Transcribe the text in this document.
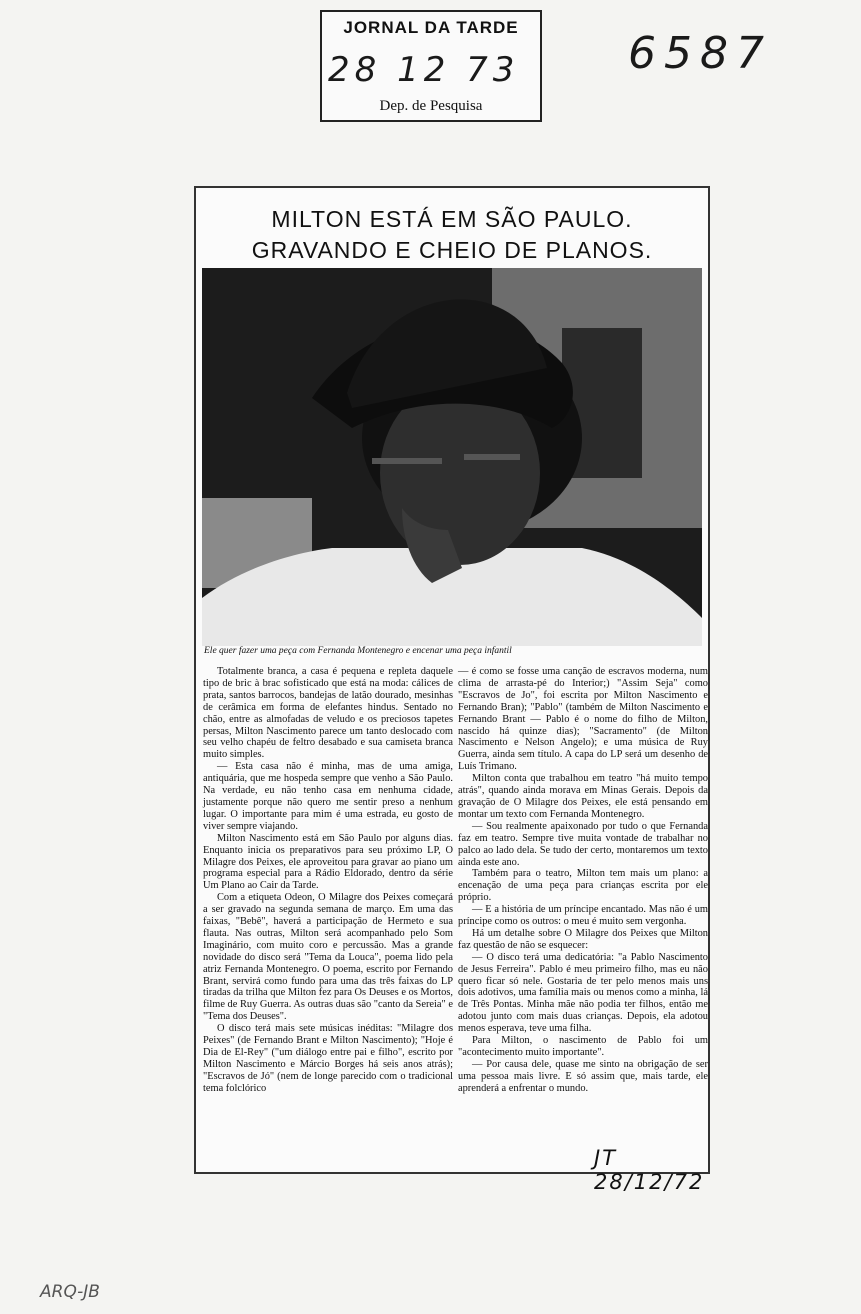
JORNAL DA TARDE
28 12 73
Dep. de Pesquisa
6587
MILTON ESTÁ EM SÃO PAULO.
GRAVANDO E CHEIO DE PLANOS.
Ele quer fazer uma peça com Fernanda Montenegro e encenar uma peça infantil

Totalmente branca, a casa é pequena e repleta daquele tipo de bric à brac sofisticado que está na moda: cálices de prata, santos barrocos, bandejas de latão dourado, mesinhas de cerâmica em forma de elefantes hindus. Sentado no chão, entre as almofadas de veludo e os preciosos tapetes persas, Milton Nascimento parece um tanto deslocado com seu velho chapéu de feltro desabado e sua camiseta branca muito simples.

— Esta casa não é minha, mas de uma amiga, antiquária, que me hospeda sempre que venho a São Paulo. Na verdade, eu não tenho casa em nenhuma cidade, justamente porque não quero me sentir preso a nenhum lugar. O importante para mim é uma estrada, eu gosto de viver sempre viajando.

Milton Nascimento está em São Paulo por alguns dias. Enquanto inicia os preparativos para seu próximo LP, O Milagre dos Peixes, ele aproveitou para gravar ao piano um programa especial para a Rádio Eldorado, dentro da série Um Plano ao Cair da Tarde.

Com a etiqueta Odeon, O Milagre dos Peixes começará a ser gravado na segunda semana de março. Em uma das faixas, "Bebê", haverá a participação de Hermeto e sua flauta. Nas outras, Milton será acompanhado pelo Som Imaginário, com muito coro e percussão. Mas a grande novidade do disco será "Tema da Louca", poema lido pela atriz Fernanda Montenegro. O poema, escrito por Fernando Brant, servirá como fundo para uma das três faixas do LP tiradas da trilha que Milton fez para Os Deuses e os Mortos, filme de Ruy Guerra. As outras duas são "canto da Sereia" e "Tema dos Deuses".

O disco terá mais sete músicas inéditas: "Milagre dos Peixes" (de Fernando Brant e Milton Nascimento); "Hoje é Dia de El-Rey" ("um diálogo entre pai e filho", escrito por Milton Nascimento e Márcio Borges há seis anos atrás); "Escravos de Jó" (nem de longe parecido com o tradicional tema folclórico

— é como se fosse uma canção de escravos moderna, num clima de arrasta-pé do Interior;) "Assim Seja" como "Escravos de Jo", foi escrita por Milton Nascimento e Fernando Bran); "Pablo" (também de Milton Nascimento e Fernando Brant — Pablo é o nome do filho de Milton, nascido há quinze dias); "Sacramento" (de Milton Nascimento e Nelson Angelo); e uma música de Ruy Guerra, ainda sem título. A capa do LP será um desenho de Luís Trimano.

Milton conta que trabalhou em teatro "há muito tempo atrás", quando ainda morava em Minas Gerais. Depois da gravação de O Milagre dos Peixes, ele está pensando em montar um texto com Fernanda Montenegro.

— Sou realmente apaixonado por tudo o que Fernanda faz em teatro. Sempre tive muita vontade de trabalhar no palco ao lado dela. Se tudo der certo, montaremos um texto ainda este ano.

Também para o teatro, Milton tem mais um plano: a encenação de uma peça para crianças escrita por ele próprio.

— E a história de um príncipe encantado. Mas não é um príncipe como os outros: o meu é muito sem vergonha.

Há um detalhe sobre O Milagre dos Peixes que Milton faz questão de não se esquecer:

— O disco terá uma dedicatória: "a Pablo Nascimento de Jesus Ferreira". Pablo é meu primeiro filho, mas eu não quero ficar só nele. Gostaria de ter pelo menos mais uns dois adotivos, uma família mais ou menos como a minha, lá de Três Pontas. Minha mãe não podia ter filhos, então me adotou junto com mais duas crianças. Depois, ela adotou menos esperava, teve uma filha.

Para Milton, o nascimento de Pablo foi um "acontecimento muito importante".

— Por causa dele, quase me sinto na obrigação de ser uma pessoa mais livre. E só assim que, mais tarde, ele aprenderá a enfrentar o mundo.

JT 28/12/72
ARQ-JB
